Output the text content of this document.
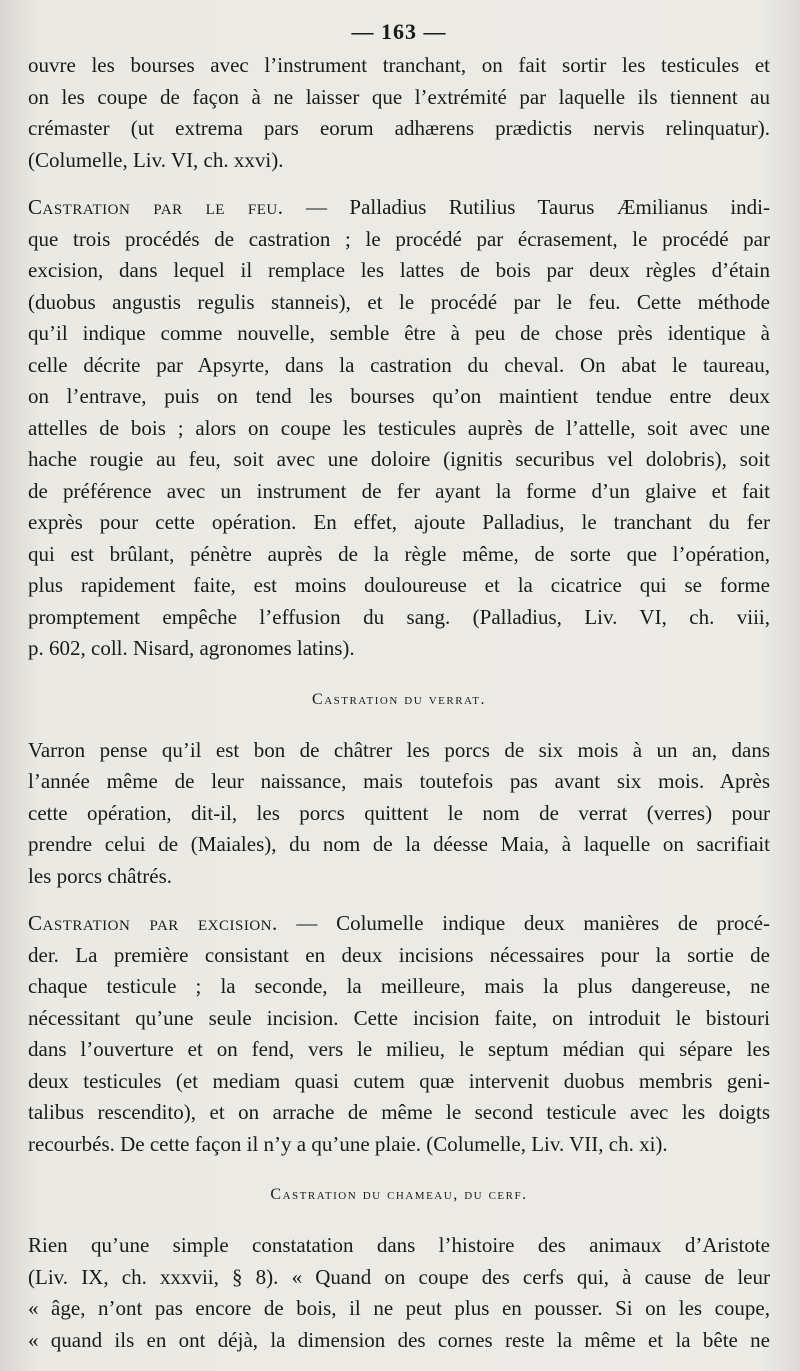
— 163 —
ouvre les bourses avec l’instrument tranchant, on fait sortir les testicules et
on les coupe de façon à ne laisser que l’extrémité par laquelle ils tiennent au
crémaster (ut extrema pars eorum adhærens prædictis nervis relinquatur).
(Columelle, Liv. VI, ch. xxvi).
Castration par le feu. — Palladius Rutilius Taurus Æmilianus indi-
que trois procédés de castration ; le procédé par écrasement, le procédé par
excision, dans lequel il remplace les lattes de bois par deux règles d’étain
(duobus angustis regulis stanneis), et le procédé par le feu. Cette méthode
qu’il indique comme nouvelle, semble être à peu de chose près identique à
celle décrite par Apsyrte, dans la castration du cheval. On abat le taureau,
on l’entrave, puis on tend les bourses qu’on maintient tendue entre deux
attelles de bois ; alors on coupe les testicules auprès de l’attelle, soit avec une
hache rougie au feu, soit avec une doloire (ignitis securibus vel dolobris), soit
de préférence avec un instrument de fer ayant la forme d’un glaive et fait
exprès pour cette opération. En effet, ajoute Palladius, le tranchant du fer
qui est brûlant, pénètre auprès de la règle même, de sorte que l’opération,
plus rapidement faite, est moins douloureuse et la cicatrice qui se forme
promptement empêche l’effusion du sang. (Palladius, Liv. VI, ch. viii,
p. 602, coll. Nisard, agronomes latins).
Castration du verrat.
Varron pense qu’il est bon de châtrer les porcs de six mois à un an, dans
l’année même de leur naissance, mais toutefois pas avant six mois. Après
cette opération, dit-il, les porcs quittent le nom de verrat (verres) pour
prendre celui de (Maiales), du nom de la déesse Maia, à laquelle on sacrifiait
les porcs châtrés.
Castration par excision. — Columelle indique deux manières de procé-
der. La première consistant en deux incisions nécessaires pour la sortie de
chaque testicule ; la seconde, la meilleure, mais la plus dangereuse, ne
nécessitant qu’une seule incision. Cette incision faite, on introduit le bistouri
dans l’ouverture et on fend, vers le milieu, le septum médian qui sépare les
deux testicules (et mediam quasi cutem quæ intervenit duobus membris geni-
talibus rescendito), et on arrache de même le second testicule avec les doigts
recourbés. De cette façon il n’y a qu’une plaie. (Columelle, Liv. VII, ch. xi).
Castration du chameau, du cerf.
Rien qu’une simple constatation dans l’histoire des animaux d’Aristote
(Liv. IX, ch. xxxvii, § 8). « Quand on coupe des cerfs qui, à cause de leur
« âge, n’ont pas encore de bois, il ne peut plus en pousser. Si on les coupe,
« quand ils en ont déjà, la dimension des cornes reste la même et la bête ne
